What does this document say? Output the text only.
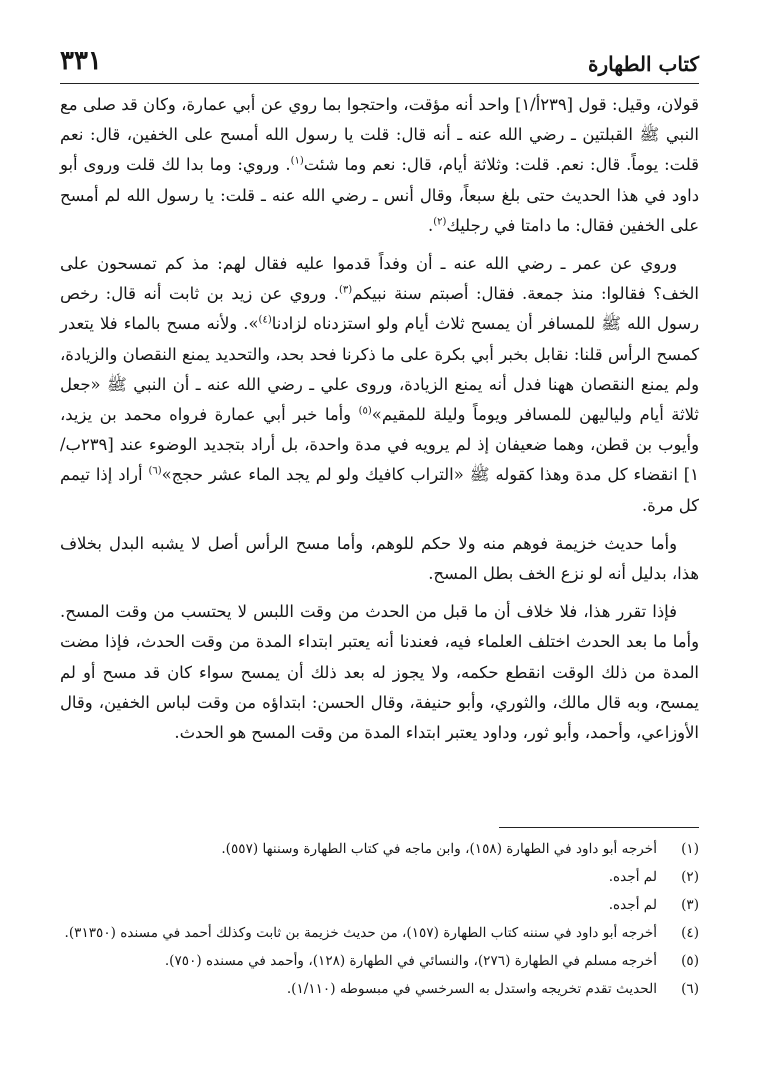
كتاب الطهارة
٣٣١

قولان، وقيل: قول [٢٣٩أ/١] واحد أنه مؤقت، واحتجوا بما روي عن أبي عمارة، وكان قد صلى مع النبي ﷺ القبلتين ـ رضي الله عنه ـ أنه قال: قلت يا رسول الله أمسح على الخفين، قال: نعم قلت: يوماً. قال: نعم. قلت: وثلاثة أيام، قال: نعم وما شئت$^{(١)}$. وروي: وما بدا لك قلت وروى أبو داود في هذا الحديث حتى بلغ سبعاً، وقال أنس ـ رضي الله عنه ـ قلت: يا رسول الله لم أمسح على الخفين فقال: ما دامتا في رجليك$^{(٢)}$.

وروي عن عمر ـ رضي الله عنه ـ أن وفداً قدموا عليه فقال لهم: مذ كم تمسحون على الخف؟ فقالوا: منذ جمعة. فقال: أصبتم سنة نبيكم$^{(٣)}$. وروي عن زيد بن ثابت أنه قال: رخص رسول الله ﷺ للمسافر أن يمسح ثلاث أيام ولو استزدناه لزادنا$^{(٤)}$». ولأنه مسح بالماء فلا يتعدر كمسح الرأس قلنا: نقابل بخبر أبي بكرة على ما ذكرنا فحد بحد، والتحديد يمنع النقصان والزيادة، ولم يمنع النقصان ههنا فدل أنه يمنع الزيادة، وروى علي ـ رضي الله عنه ـ أن النبي ﷺ «جعل ثلاثة أيام ولياليهن للمسافر ويوماً وليلة للمقيم»$^{(٥)}$ وأما خبر أبي عمارة فرواه محمد بن يزيد، وأيوب بن قطن، وهما ضعيفان إذ لم يرويه في مدة واحدة، بل أراد بتجديد الوضوء عند [٢٣٩ب/١] انقضاء كل مدة وهذا كقوله ﷺ «التراب كافيك ولو لم يجد الماء عشر حجج»$^{(٦)}$ أراد إذا تيمم كل مرة.

وأما حديث خزيمة فوهم منه ولا حكم للوهم، وأما مسح الرأس أصل لا يشبه البدل بخلاف هذا، بدليل أنه لو نزع الخف بطل المسح.

فإذا تقرر هذا، فلا خلاف أن ما قبل من الحدث من وقت اللبس لا يحتسب من وقت المسح. وأما ما بعد الحدث اختلف العلماء فيه، فعندنا أنه يعتبر ابتداء المدة من وقت الحدث، فإذا مضت المدة من ذلك الوقت انقطع حكمه، ولا يجوز له بعد ذلك أن يمسح سواء كان قد مسح أو لم يمسح، وبه قال مالك، والثوري، وأبو حنيفة، وقال الحسن: ابتداؤه من وقت لباس الخفين، وقال الأوزاعي، وأحمد، وأبو ثور، وداود يعتبر ابتداء المدة من وقت المسح هو الحدث.

(١)
أخرجه أبو داود في الطهارة (١٥٨)، وابن ماجه في كتاب الطهارة وسننها (٥٥٧).
(٢)
لم أجده.
(٣)
لم أجده.
(٤)
أخرجه أبو داود في سننه كتاب الطهارة (١٥٧)، من حديث خزيمة بن ثابت وكذلك أحمد في مسنده (٣١٣٥٠).
(٥)
أخرجه مسلم في الطهارة (٢٧٦)، والنسائي في الطهارة (١٢٨)، وأحمد في مسنده (٧٥٠).
(٦)
الحديث تقدم تخريجه واستدل به السرخسي في مبسوطه (١/١١٠).
